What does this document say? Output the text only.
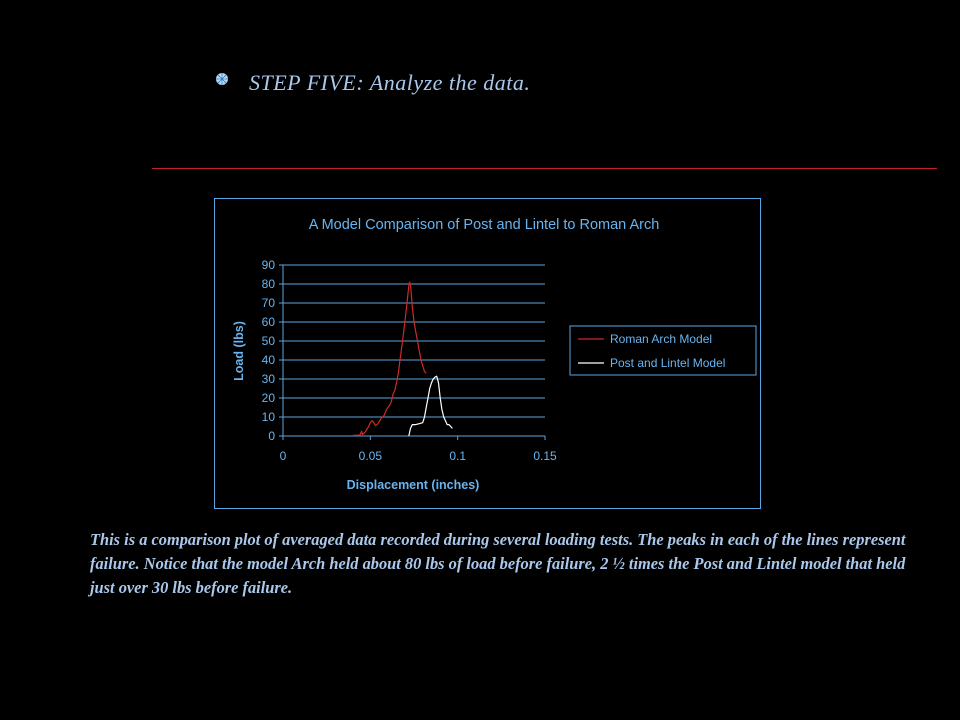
STEP FIVE: Analyze the data.
A Model Comparison of Post and Lintel to Roman Arch
0
10
20
30
40
50
60
70
80
90
0	0.05	0.1	0.15
Displacement (inches)
Load (lbs)	Roman Arch Model
Post and Lintel Model
This is a comparison plot of averaged data recorded during several loading tests. The peaks in each of the lines represent failure. Notice that the model Arch held about 80 lbs of load before failure, 2 ½ times the Post and Lintel model that held just over 30 lbs before failure.
